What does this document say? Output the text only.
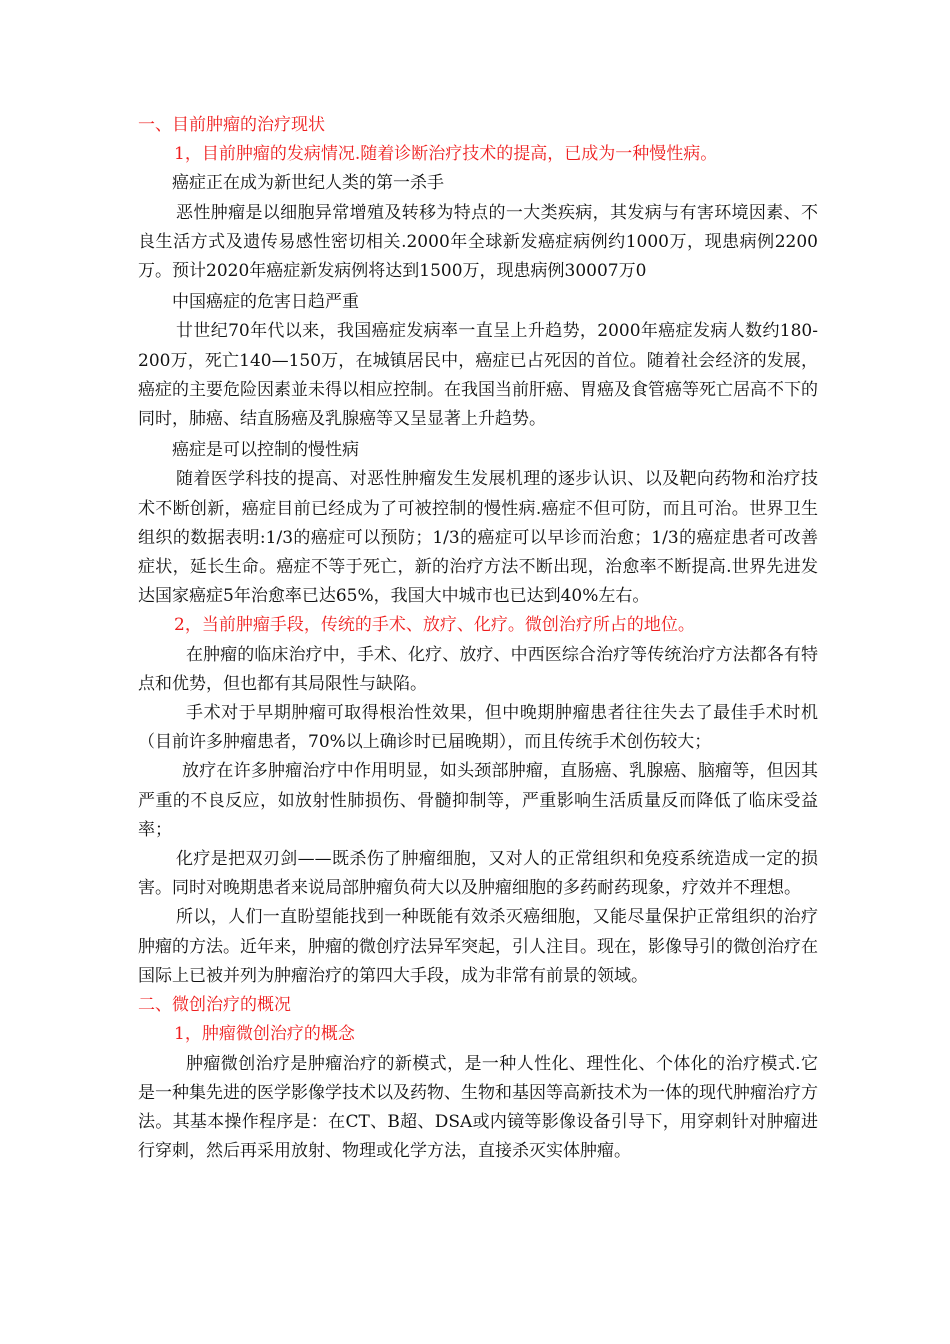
一、目前肿瘤的治疗现状

1，目前肿瘤的发病情况.随着诊断治疗技术的提高，已成为一种慢性病。

癌症正在成为新世纪人类的第一杀手

恶性肿瘤是以细胞异常增殖及转移为特点的一大类疾病，其发病与有害环境因素、不良生活方式及遗传易感性密切相关.2000年全球新发癌症病例约1000万，现患病例2200万。预计2020年癌症新发病例将达到1500万，现患病例30007万0

中国癌症的危害日趋严重

廿世纪70年代以来，我国癌症发病率一直呈上升趋势，2000年癌症发病人数约180-200万，死亡140—150万，在城镇居民中，癌症已占死因的首位。随着社会经济的发展，癌症的主要危险因素並未得以相应控制。在我国当前肝癌、胃癌及食管癌等死亡居高不下的同时，肺癌、结直肠癌及乳腺癌等又呈显著上升趋势。

癌症是可以控制的慢性病

随着医学科技的提高、对恶性肿瘤发生发展机理的逐步认识、以及靶向药物和治疗技术不断创新，癌症目前已经成为了可被控制的慢性病.癌症不但可防，而且可治。世界卫生组织的数据表明:1/3的癌症可以预防；1/3的癌症可以早诊而治愈；1/3的癌症患者可改善症状，延长生命。癌症不等于死亡，新的治疗方法不断出现，治愈率不断提高.世界先进发达国家癌症5年治愈率已达65%，我国大中城市也已达到40%左右。

2，当前肿瘤手段，传统的手术、放疗、化疗。微创治疗所占的地位。

在肿瘤的临床治疗中，手术、化疗、放疗、中西医综合治疗等传统治疗方法都各有特点和优势，但也都有其局限性与缺陷。

手术对于早期肿瘤可取得根治性效果，但中晚期肿瘤患者往往失去了最佳手术时机（目前许多肿瘤患者，70%以上确诊时已届晚期），而且传统手术创伤较大；

放疗在许多肿瘤治疗中作用明显，如头颈部肿瘤，直肠癌、乳腺癌、脑瘤等，但因其严重的不良反应，如放射性肺损伤、骨髓抑制等，严重影响生活质量反而降低了临床受益率；

化疗是把双刃剑——既杀伤了肿瘤细胞，又对人的正常组织和免疫系统造成一定的损害。同时对晚期患者来说局部肿瘤负荷大以及肿瘤细胞的多药耐药现象，疗效并不理想。

所以，人们一直盼望能找到一种既能有效杀灭癌细胞，又能尽量保护正常组织的治疗肿瘤的方法。近年来，肿瘤的微创疗法异军突起，引人注目。现在，影像导引的微创治疗在国际上已被并列为肿瘤治疗的第四大手段，成为非常有前景的领域。

二、微创治疗的概况

1，肿瘤微创治疗的概念

肿瘤微创治疗是肿瘤治疗的新模式，是一种人性化、理性化、个体化的治疗模式.它是一种集先进的医学影像学技术以及药物、生物和基因等高新技术为一体的现代肿瘤治疗方法。其基本操作程序是：在CT、B超、DSA或内镜等影像设备引导下，用穿刺针对肿瘤进行穿刺，然后再采用放射、物理或化学方法，直接杀灭实体肿瘤。
